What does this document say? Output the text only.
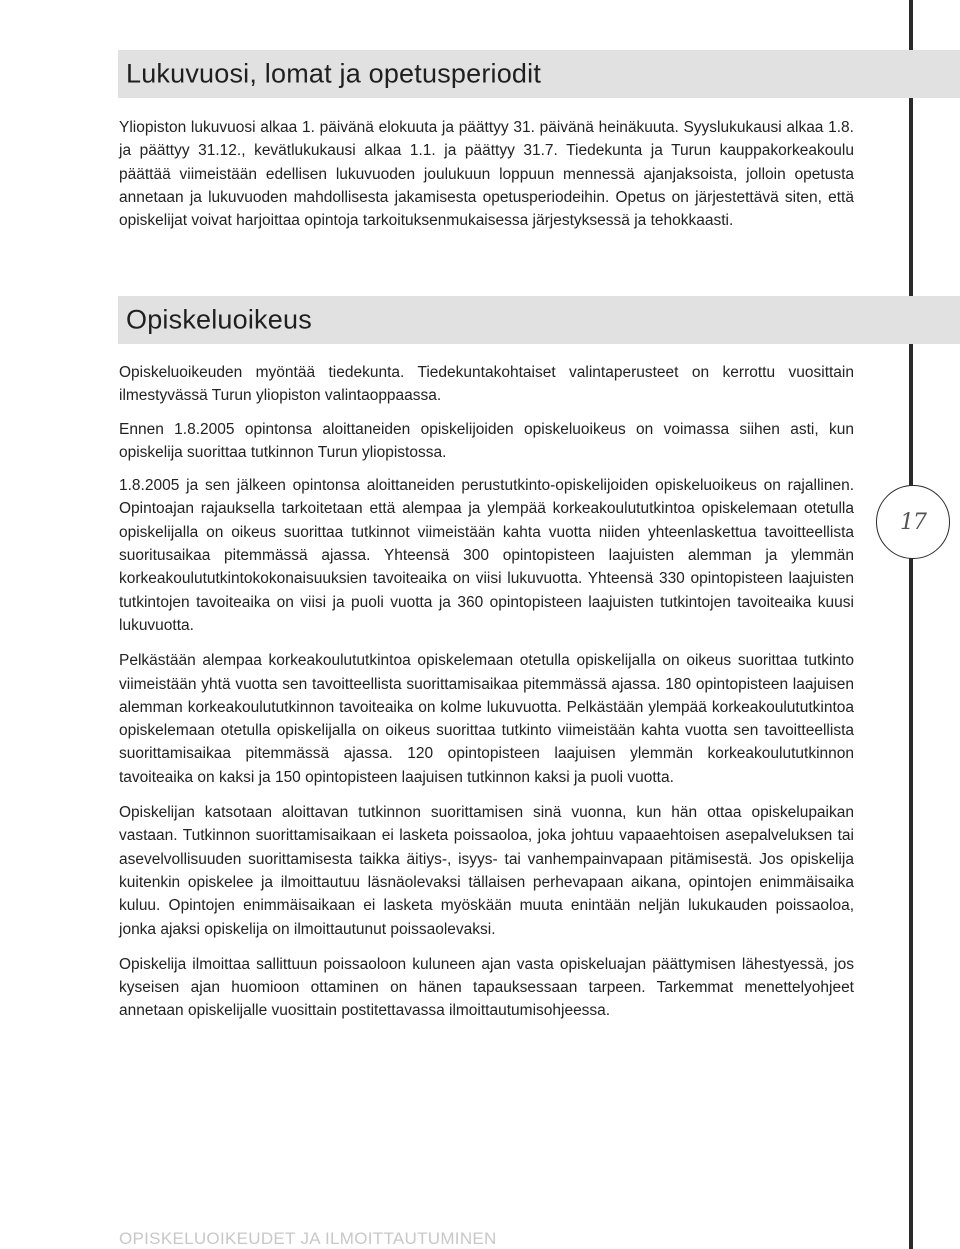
Lukuvuosi, lomat ja opetusperiodit

Yliopiston lukuvuosi alkaa 1. päivänä elokuuta ja päättyy 31. päivänä heinäkuuta. Syyslukukausi alkaa 1.8. ja päättyy 31.12., kevätlukukausi alkaa 1.1. ja päättyy 31.7. Tiedekunta ja Turun kauppakorkeakoulu päättää viimeistään edellisen lukuvuoden joulukuun loppuun mennessä ajanjaksoista, jolloin opetusta annetaan ja lukuvuoden mahdollisesta jakamisesta opetusperiodeihin. Opetus on järjestettävä siten, että opiskelijat voivat harjoittaa opintoja tarkoituksenmukaisessa järjestyksessä ja tehokkaasti.

Opiskeluoikeus

Opiskeluoikeuden myöntää tiedekunta. Tiedekuntakohtaiset valintaperusteet on kerrottu vuosittain ilmestyvässä Turun yliopiston valintaoppaassa.

Ennen 1.8.2005 opintonsa aloittaneiden opiskelijoiden opiskeluoikeus on voimassa siihen asti, kun opiskelija suorittaa tutkinnon Turun yliopistossa.

1.8.2005 ja sen jälkeen opintonsa aloittaneiden perustutkinto-opiskelijoiden opiskeluoikeus on rajallinen. Opintoajan rajauksella tarkoitetaan että alempaa ja ylempää korkeakoulututkintoa opiskelemaan otetulla opiskelijalla on oikeus suorittaa tutkinnot viimeistään kahta vuotta niiden yhteenlaskettua tavoitteellista suoritusaikaa pitemmässä ajassa. Yhteensä 300 opintopisteen laajuisten alemman ja ylemmän korkeakoulututkintokokonaisuuksien tavoiteaika on viisi lukuvuotta. Yhteensä 330 opintopisteen laajuisten tutkintojen tavoiteaika on viisi ja puoli vuotta ja 360 opintopisteen laajuisten tutkintojen tavoiteaika kuusi lukuvuotta.

Pelkästään alempaa korkeakoulututkintoa opiskelemaan otetulla opiskelijalla on oikeus suorittaa tutkinto viimeistään yhtä vuotta sen tavoitteellista suorittamisaikaa pitemmässä ajassa. 180 opintopisteen laajuisen alemman korkeakoulututkinnon tavoiteaika on kolme lukuvuotta. Pelkästään ylempää korkeakoulututkintoa opiskelemaan otetulla opiskelijalla on oikeus suorittaa tutkinto viimeistään kahta vuotta sen tavoitteellista suorittamisaikaa pitemmässä ajassa. 120 opintopisteen laajuisen ylemmän korkeakoulututkinnon tavoiteaika on kaksi ja 150 opintopisteen laajuisen tutkinnon kaksi ja puoli vuotta.

Opiskelijan katsotaan aloittavan tutkinnon suorittamisen sinä vuonna, kun hän ottaa opiskelupaikan vastaan. Tutkinnon suorittamisaikaan ei lasketa poissaoloa, joka johtuu vapaaehtoisen asepalveluksen tai asevelvollisuuden suorittamisesta taikka äitiys-, isyys- tai vanhempainvapaan pitämisestä. Jos opiskelija kuitenkin opiskelee ja ilmoittautuu läsnäolevaksi tällaisen perhevapaan aikana, opintojen enimmäisaika kuluu. Opintojen enimmäisaikaan ei lasketa myöskään muuta enintään neljän lukukauden poissaoloa, jonka ajaksi opiskelija on ilmoittautunut poissaolevaksi.

Opiskelija ilmoittaa sallittuun poissaoloon kuluneen ajan vasta opiskeluajan päättymisen lähestyessä, jos kyseisen ajan huomioon ottaminen on hänen tapauksessaan tarpeen. Tarkemmat menettelyohjeet annetaan opiskelijalle vuosittain postitettavassa ilmoittautumisohjeessa.

17
OPISKELUOIKEUDET JA ILMOITTAUTUMINEN
